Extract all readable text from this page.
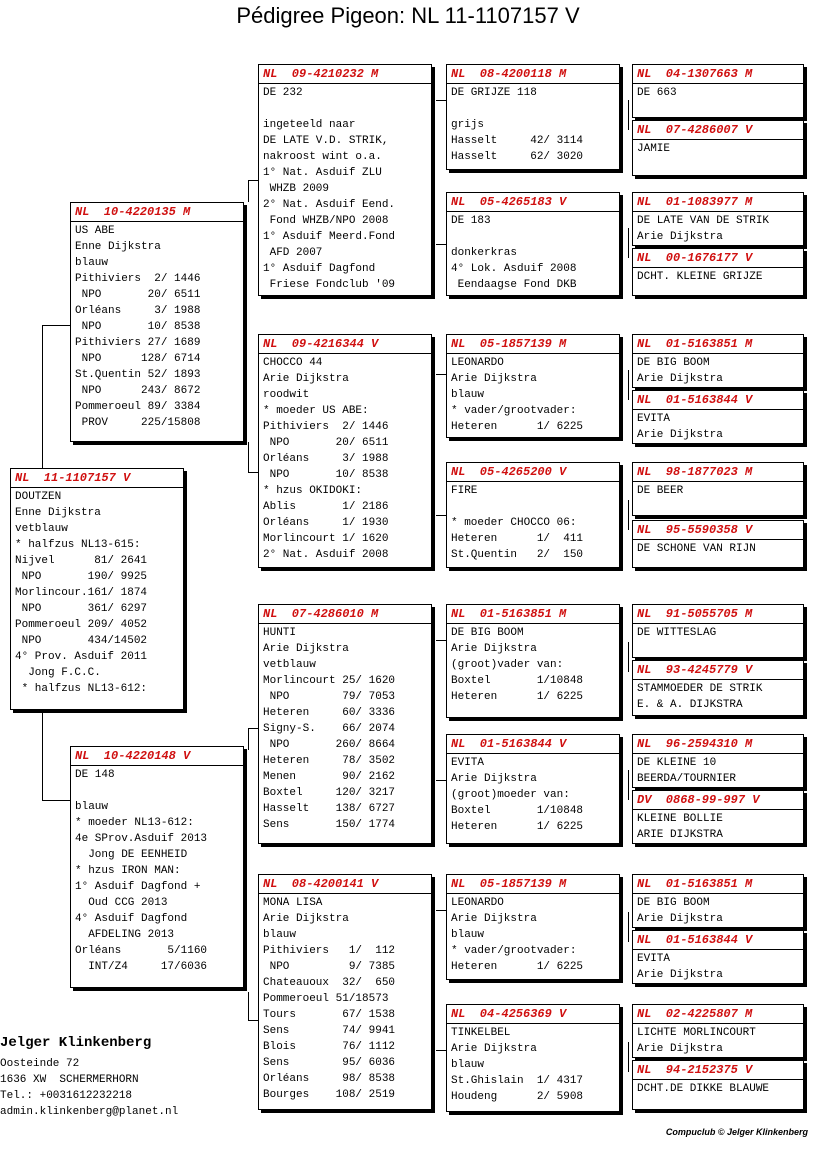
Pédigree Pigeon: NL 11-1107157 V
NL  11-1107157 V
DOUTZEN
Enne Dijkstra
vetblauw
* halfzus NL13-615:
Nijvel      81/ 2641
NPO       190/ 9925
Morlincour.161/ 1874
NPO       361/ 6297
Pommeroeul 209/ 4052
NPO       434/14502
4° Prov. Asduif 2011
Jong F.C.C.
* halfzus NL13-612:
NL  10-4220135 M
US ABE
Enne Dijkstra
blauw
Pithiviers  2/ 1446
NPO       20/ 6511
Orléans     3/ 1988
NPO       10/ 8538
Pithiviers 27/ 1689
NPO      128/ 6714
St.Quentin 52/ 1893
NPO      243/ 8672
Pommeroeul 89/ 3384
PROV     225/15808
NL  10-4220148 V
DE 148
blauw
* moeder NL13-612:
4e SProv.Asduif 2013
Jong DE EENHEID
* hzus IRON MAN:
1° Asduif Dagfond +
Oud CCG 2013
4° Asduif Dagfond
AFDELING 2013
Orléans       5/1160
INT/Z4     17/6036
NL  09-4210232 M
DE 232
ingeteeld naar
DE LATE V.D. STRIK,
nakroost wint o.a.
1° Nat. Asduif ZLU
WHZB 2009
2° Nat. Asduif Eend.
Fond WHZB/NPO 2008
1° Asduif Meerd.Fond
AFD 2007
1° Asduif Dagfond
Friese Fondclub '09
NL  09-4216344 V
CHOCCO 44
Arie Dijkstra
roodwit
* moeder US ABE:
Pithiviers  2/ 1446
NPO       20/ 6511
Orléans     3/ 1988
NPO       10/ 8538
* hzus OKIDOKI:
Ablis       1/ 2186
Orléans     1/ 1930
Morlincourt 1/ 1620
2° Nat. Asduif 2008
NL  07-4286010 M
HUNTI
Arie Dijkstra
vetblauw
Morlincourt 25/ 1620
NPO        79/ 7053
Heteren     60/ 3336
Signy-S.    66/ 2074
NPO       260/ 8664
Heteren     78/ 3502
Menen       90/ 2162
Boxtel     120/ 3217
Hasselt    138/ 6727
Sens       150/ 1774
NL  08-4200141 V
MONA LISA
Arie Dijkstra
blauw
Pithiviers   1/  112
NPO         9/ 7385
Chateauoux  32/  650
Pommeroeul 51/18573
Tours       67/ 1538
Sens        74/ 9941
Blois       76/ 1112
Sens        95/ 6036
Orléans     98/ 8538
Bourges    108/ 2519
NL  08-4200118 M
DE GRIJZE 118
grijs
Hasselt     42/ 3114
Hasselt     62/ 3020
NL  05-4265183 V
DE 183
donkerkras
4° Lok. Asduif 2008
Eendaagse Fond DKB
NL  05-1857139 M
LEONARDO
Arie Dijkstra
blauw
* vader/grootvader:
Heteren      1/ 6225
NL  05-4265200 V
FIRE
* moeder CHOCCO 06:
Heteren      1/  411
St.Quentin   2/  150
NL  01-5163851 M
DE BIG BOOM
Arie Dijkstra
(groot)vader van:
Boxtel       1/10848
Heteren      1/ 6225
NL  01-5163844 V
EVITA
Arie Dijkstra
(groot)moeder van:
Boxtel       1/10848
Heteren      1/ 6225
NL  05-1857139 M
LEONARDO
Arie Dijkstra
blauw
* vader/grootvader:
Heteren      1/ 6225
NL  04-4256369 V
TINKELBEL
Arie Dijkstra
blauw
St.Ghislain  1/ 4317
Houdeng      2/ 5908
NL  04-1307663 M
DE 663
NL  07-4286007 V
JAMIE
NL  01-1083977 M
DE LATE VAN DE STRIK
Arie Dijkstra
NL  00-1676177 V
DCHT. KLEINE GRIJZE
NL  01-5163851 M
DE BIG BOOM
Arie Dijkstra
NL  01-5163844 V
EVITA
Arie Dijkstra
NL  98-1877023 M
DE BEER
NL  95-5590358 V
DE SCHONE VAN RIJN
NL  91-5055705 M
DE WITTESLAG
NL  93-4245779 V
STAMMOEDER DE STRIK
E. & A. DIJKSTRA
NL  96-2594310 M
DE KLEINE 10
BEERDA/TOURNIER
DV  0868-99-997 V
KLEINE BOLLIE
ARIE DIJKSTRA
NL  01-5163851 M
DE BIG BOOM
Arie Dijkstra
NL  01-5163844 V
EVITA
Arie Dijkstra
NL  02-4225807 M
LICHTE MORLINCOURT
Arie Dijkstra
NL  94-2152375 V
DCHT.DE DIKKE BLAUWE
Jelger Klinkenberg
Oosteinde 72
1636 XW  SCHERMERHORN
Tel.: +0031612232218
admin.klinkenberg@planet.nl
Compuclub © Jelger Klinkenberg
